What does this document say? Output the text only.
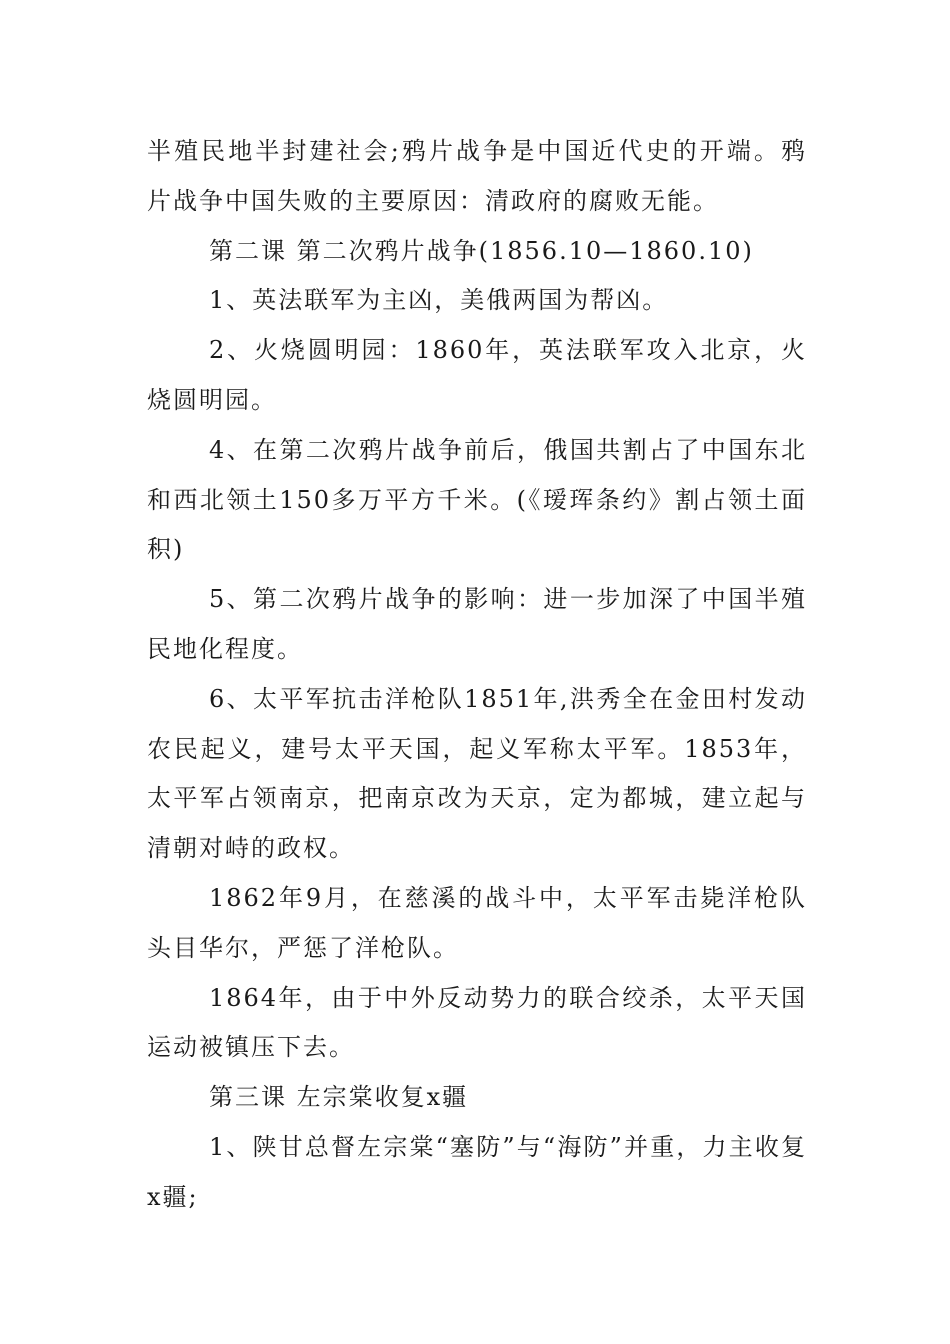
半殖民地半封建社会;鸦片战争是中国近代史的开端。鸦片战争中国失败的主要原因：清政府的腐败无能。

第二课 第二次鸦片战争(1856.10—1860.10)

1、英法联军为主凶，美俄两国为帮凶。

2、火烧圆明园：1860年，英法联军攻入北京，火烧圆明园。

4、在第二次鸦片战争前后，俄国共割占了中国东北和西北领土150多万平方千米。(《瑷珲条约》割占领土面积)

5、第二次鸦片战争的影响：进一步加深了中国半殖民地化程度。

6、太平军抗击洋枪队1851年,洪秀全在金田村发动农民起义，建号太平天国，起义军称太平军。1853年，太平军占领南京，把南京改为天京，定为都城，建立起与清朝对峙的政权。

1862年9月，在慈溪的战斗中，太平军击毙洋枪队头目华尔，严惩了洋枪队。

1864年，由于中外反动势力的联合绞杀，太平天国运动被镇压下去。

第三课 左宗棠收复x疆

1、陕甘总督左宗棠“塞防”与“海防”并重，力主收复x疆;
